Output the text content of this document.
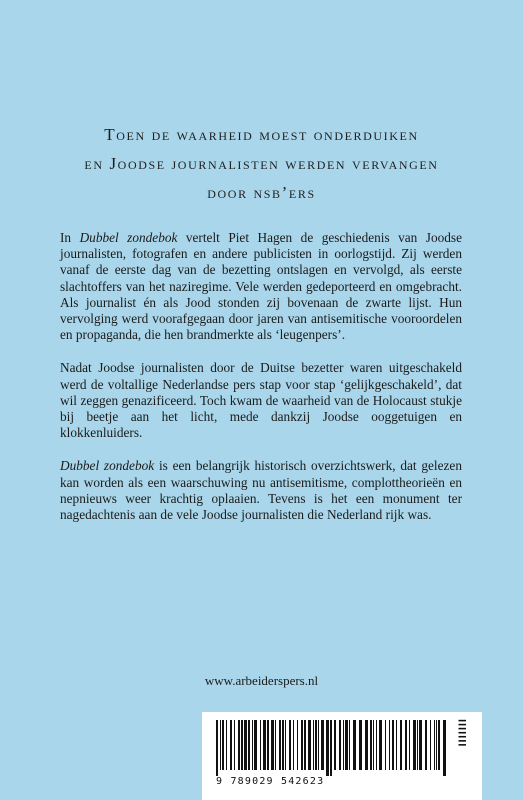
Toen de waarheid moest onderduiken
en Joodse journalisten werden vervangen
door nsb’ers

In Dubbel zondebok vertelt Piet Hagen de geschiedenis van Joodse journalisten, fotografen en andere publicisten in oorlogstijd. Zij werden vanaf de eerste dag van de bezetting ontslagen en vervolgd, als eerste slachtoffers van het naziregime. Vele werden gedeporteerd en omgebracht. Als journalist én als Jood stonden zij bovenaan de zwarte lijst. Hun vervolging werd voorafgegaan door jaren van antisemitische vooroordelen en propaganda, die hen brandmerkte als ‘leugenpers’.

Nadat Joodse journalisten door de Duitse bezetter waren uitgeschakeld werd de voltallige Nederlandse pers stap voor stap ‘gelijkgeschakeld’, dat wil zeggen genazificeerd. Toch kwam de waarheid van de Holocaust stukje bij beetje aan het licht, mede dankzij Joodse ooggetuigen en klokkenluiders.

Dubbel zondebok is een belangrijk historisch overzichtswerk, dat gelezen kan worden als een waarschuwing nu antisemitisme, complottheorieën en nepnieuws weer krachtig oplaaien. Tevens is het een monument ter nagedachtenis aan de vele Joodse journalisten die Nederland rijk was.

www.arbeiderspers.nl
9 789029 542623
IIIIIII
